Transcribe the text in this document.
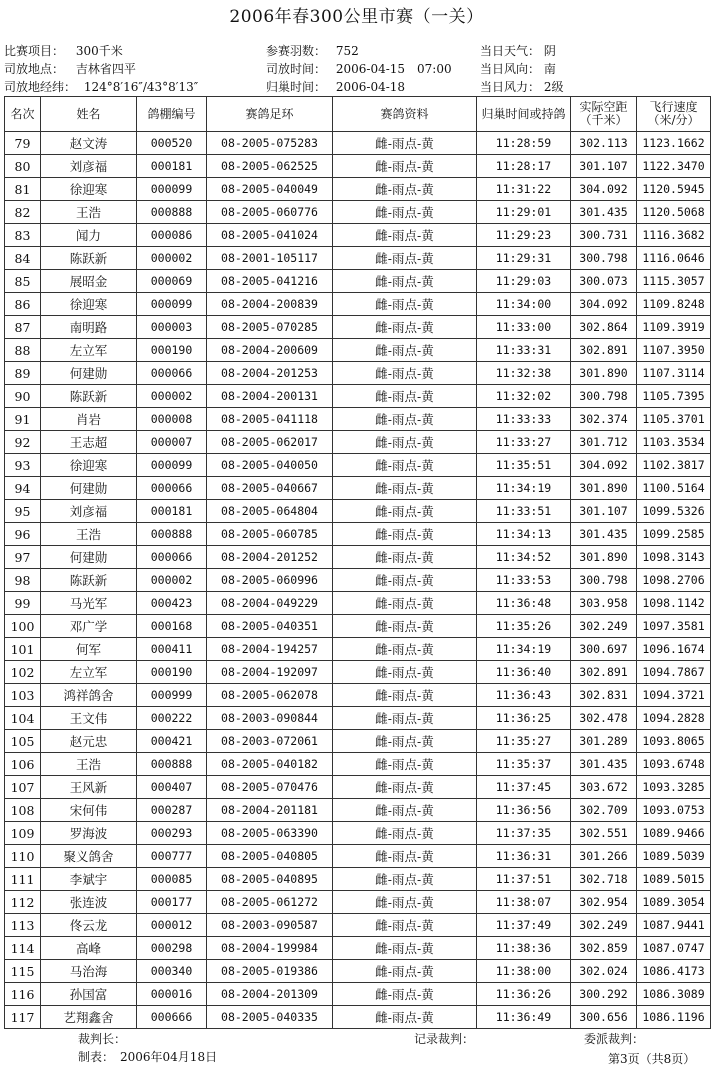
2006年春300公里市赛（一关）
比赛项目： 300千米
司放地点： 吉林省四平
司放地经纬： 124°8′16″/43°8′13″
参赛羽数： 752
司放时间： 2006-04-15　07:00
归巢时间： 2006-04-18
当日天气： 阴
当日风向： 南
当日风力： 2级
名次	姓名	鸽棚编号	赛鸽足环	赛鸽资料	归巢时间或持鸽	实际空距（千米）	飞行速度（米/分）
79	赵文涛	000520	08-2005-075283	雌-雨点-黄	11:28:59	302.113	1123.1662
80	刘彦福	000181	08-2005-062525	雌-雨点-黄	11:28:17	301.107	1122.3470
81	徐迎寒	000099	08-2005-040049	雌-雨点-黄	11:31:22	304.092	1120.5945
82	王浩	000888	08-2005-060776	雌-雨点-黄	11:29:01	301.435	1120.5068
83	闻力	000086	08-2005-041024	雌-雨点-黄	11:29:23	300.731	1116.3682
84	陈跃新	000002	08-2001-105117	雌-雨点-黄	11:29:31	300.798	1116.0646
85	展昭金	000069	08-2005-041216	雌-雨点-黄	11:29:03	300.073	1115.3057
86	徐迎寒	000099	08-2004-200839	雌-雨点-黄	11:34:00	304.092	1109.8248
87	南明路	000003	08-2005-070285	雌-雨点-黄	11:33:00	302.864	1109.3919
88	左立军	000190	08-2004-200609	雌-雨点-黄	11:33:31	302.891	1107.3950
89	何建勋	000066	08-2004-201253	雌-雨点-黄	11:32:38	301.890	1107.3114
90	陈跃新	000002	08-2004-200131	雌-雨点-黄	11:32:02	300.798	1105.7395
91	肖岩	000008	08-2005-041118	雌-雨点-黄	11:33:33	302.374	1105.3701
92	王志超	000007	08-2005-062017	雌-雨点-黄	11:33:27	301.712	1103.3534
93	徐迎寒	000099	08-2005-040050	雌-雨点-黄	11:35:51	304.092	1102.3817
94	何建勋	000066	08-2005-040667	雌-雨点-黄	11:34:19	301.890	1100.5164
95	刘彦福	000181	08-2005-064804	雌-雨点-黄	11:33:51	301.107	1099.5326
96	王浩	000888	08-2005-060785	雌-雨点-黄	11:34:13	301.435	1099.2585
97	何建勋	000066	08-2004-201252	雌-雨点-黄	11:34:52	301.890	1098.3143
98	陈跃新	000002	08-2005-060996	雌-雨点-黄	11:33:53	300.798	1098.2706
99	马光军	000423	08-2004-049229	雌-雨点-黄	11:36:48	303.958	1098.1142
100	邓广学	000168	08-2005-040351	雌-雨点-黄	11:35:26	302.249	1097.3581
101	何军	000411	08-2004-194257	雌-雨点-黄	11:34:19	300.697	1096.1674
102	左立军	000190	08-2004-192097	雌-雨点-黄	11:36:40	302.891	1094.7867
103	鸿祥鸽舍	000999	08-2005-062078	雌-雨点-黄	11:36:43	302.831	1094.3721
104	王文伟	000222	08-2003-090844	雌-雨点-黄	11:36:25	302.478	1094.2828
105	赵元忠	000421	08-2003-072061	雌-雨点-黄	11:35:27	301.289	1093.8065
106	王浩	000888	08-2005-040182	雌-雨点-黄	11:35:37	301.435	1093.6748
107	王风新	000407	08-2005-070476	雌-雨点-黄	11:37:45	303.672	1093.3285
108	宋何伟	000287	08-2004-201181	雌-雨点-黄	11:36:56	302.709	1093.0753
109	罗海波	000293	08-2005-063390	雌-雨点-黄	11:37:35	302.551	1089.9466
110	聚义鸽舍	000777	08-2005-040805	雌-雨点-黄	11:36:31	301.266	1089.5039
111	李斌宇	000085	08-2005-040895	雌-雨点-黄	11:37:51	302.718	1089.5015
112	张连波	000177	08-2005-061272	雌-雨点-黄	11:38:07	302.954	1089.3054
113	佟云龙	000012	08-2003-090587	雌-雨点-黄	11:37:49	302.249	1087.9441
114	高峰	000298	08-2004-199984	雌-雨点-黄	11:38:36	302.859	1087.0747
115	马治海	000340	08-2005-019386	雌-雨点-黄	11:38:00	302.024	1086.4173
116	孙国富	000016	08-2004-201309	雌-雨点-黄	11:36:26	300.292	1086.3089
117	艺翔鑫舍	000666	08-2005-040335	雌-雨点-黄	11:36:49	300.656	1086.1196
裁判长：	记录裁判：	委派裁判：
制表：　2006年04月18日	第3页（共8页）
